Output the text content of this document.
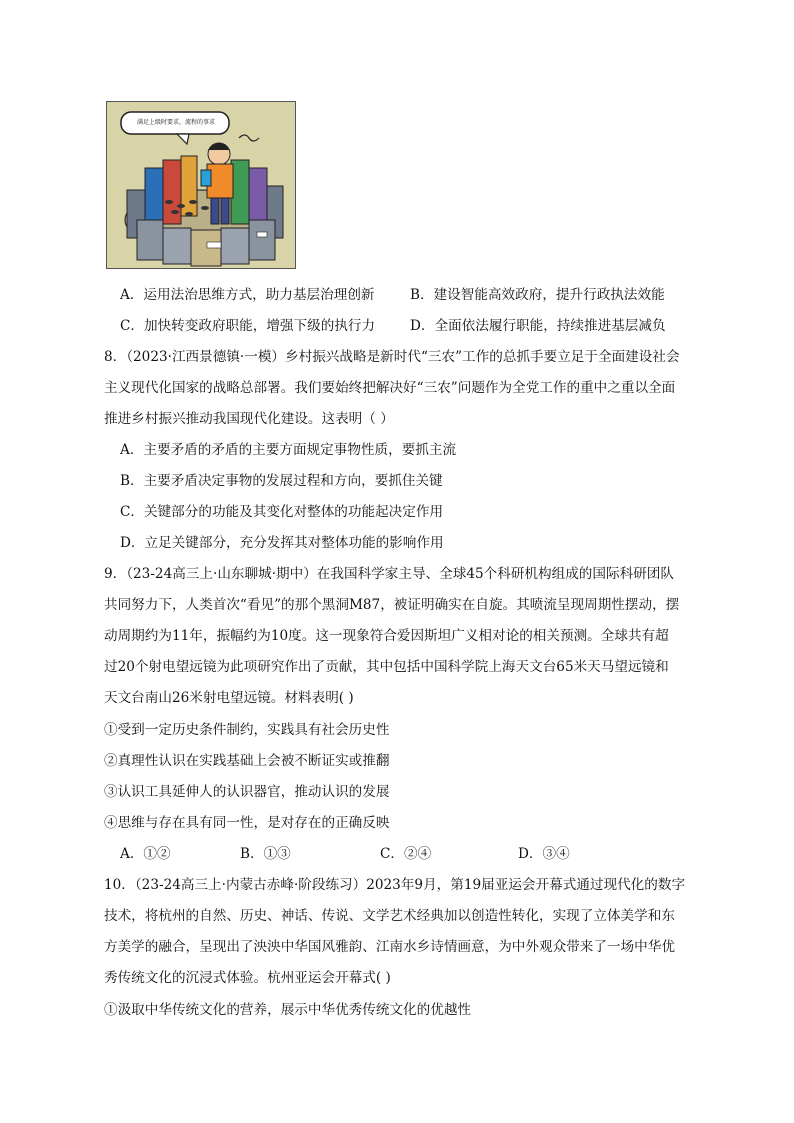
满足上级时要求，流程的事求
A．运用法治思维方式，助力基层治理创新	B．建设智能高效政府，提升行政执法效能
C．加快转变政府职能，增强下级的执行力	D．全面依法履行职能，持续推进基层减负
8．（2023·江西景德镇·一模）乡村振兴战略是新时代“三农”工作的总抓手要立足于全面建设社会
主义现代化国家的战略总部署。我们要始终把解决好“三农”问题作为全党工作的重中之重以全面
推进乡村振兴推动我国现代化建设。这表明（ ）
A．主要矛盾的矛盾的主要方面规定事物性质，要抓主流
B．主要矛盾决定事物的发展过程和方向，要抓住关键
C．关键部分的功能及其变化对整体的功能起决定作用
D．立足关键部分，充分发挥其对整体功能的影响作用
9．（23-24高三上·山东聊城·期中）在我国科学家主导、全球45个科研机构组成的国际科研团队
共同努力下，人类首次“看见”的那个黑洞M87，被证明确实在自旋。其喷流呈现周期性摆动，摆
动周期约为11年，振幅约为10度。这一现象符合爱因斯坦广义相对论的相关预测。全球共有超
过20个射电望远镜为此项研究作出了贡献，其中包括中国科学院上海天文台65米天马望远镜和
天文台南山26米射电望远镜。材料表明( )
①受到一定历史条件制约，实践具有社会历史性
②真理性认识在实践基础上会被不断证实或推翻
③认识工具延伸人的认识器官，推动认识的发展
④思维与存在具有同一性，是对存在的正确反映
A．①②	B．①③	C．②④	D．③④
10．（23-24高三上·内蒙古赤峰·阶段练习）2023年9月，第19届亚运会开幕式通过现代化的数字
技术，将杭州的自然、历史、神话、传说、文学艺术经典加以创造性转化，实现了立体美学和东
方美学的融合，呈现出了泱泱中华国风雅韵、江南水乡诗情画意，为中外观众带来了一场中华优
秀传统文化的沉浸式体验。杭州亚运会开幕式( )
①汲取中华传统文化的营养，展示中华优秀传统文化的优越性
